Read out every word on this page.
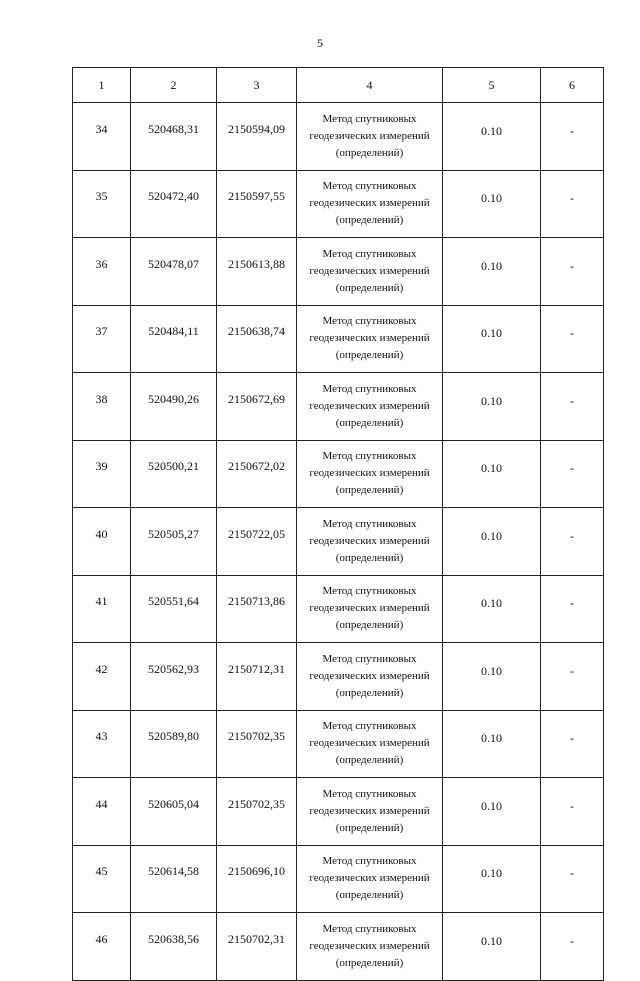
5
1	2	3	4	5	6
34	520468,31	2150594,09	Метод спутниковых
геодезических измерений
(определений)	0.10	-
35	520472,40	2150597,55	Метод спутниковых
геодезических измерений
(определений)	0.10	-
36	520478,07	2150613,88	Метод спутниковых
геодезических измерений
(определений)	0.10	-
37	520484,11	2150638,74	Метод спутниковых
геодезических измерений
(определений)	0.10	-
38	520490,26	2150672,69	Метод спутниковых
геодезических измерений
(определений)	0.10	-
39	520500,21	2150672,02	Метод спутниковых
геодезических измерений
(определений)	0.10	-
40	520505,27	2150722,05	Метод спутниковых
геодезических измерений
(определений)	0.10	-
41	520551,64	2150713,86	Метод спутниковых
геодезических измерений
(определений)	0.10	-
42	520562,93	2150712,31	Метод спутниковых
геодезических измерений
(определений)	0.10	-
43	520589,80	2150702,35	Метод спутниковых
геодезических измерений
(определений)	0.10	-
44	520605,04	2150702,35	Метод спутниковых
геодезических измерений
(определений)	0.10	-
45	520614,58	2150696,10	Метод спутниковых
геодезических измерений
(определений)	0.10	-
46	520638,56	2150702,31	Метод спутниковых
геодезических измерений
(определений)	0.10	-
